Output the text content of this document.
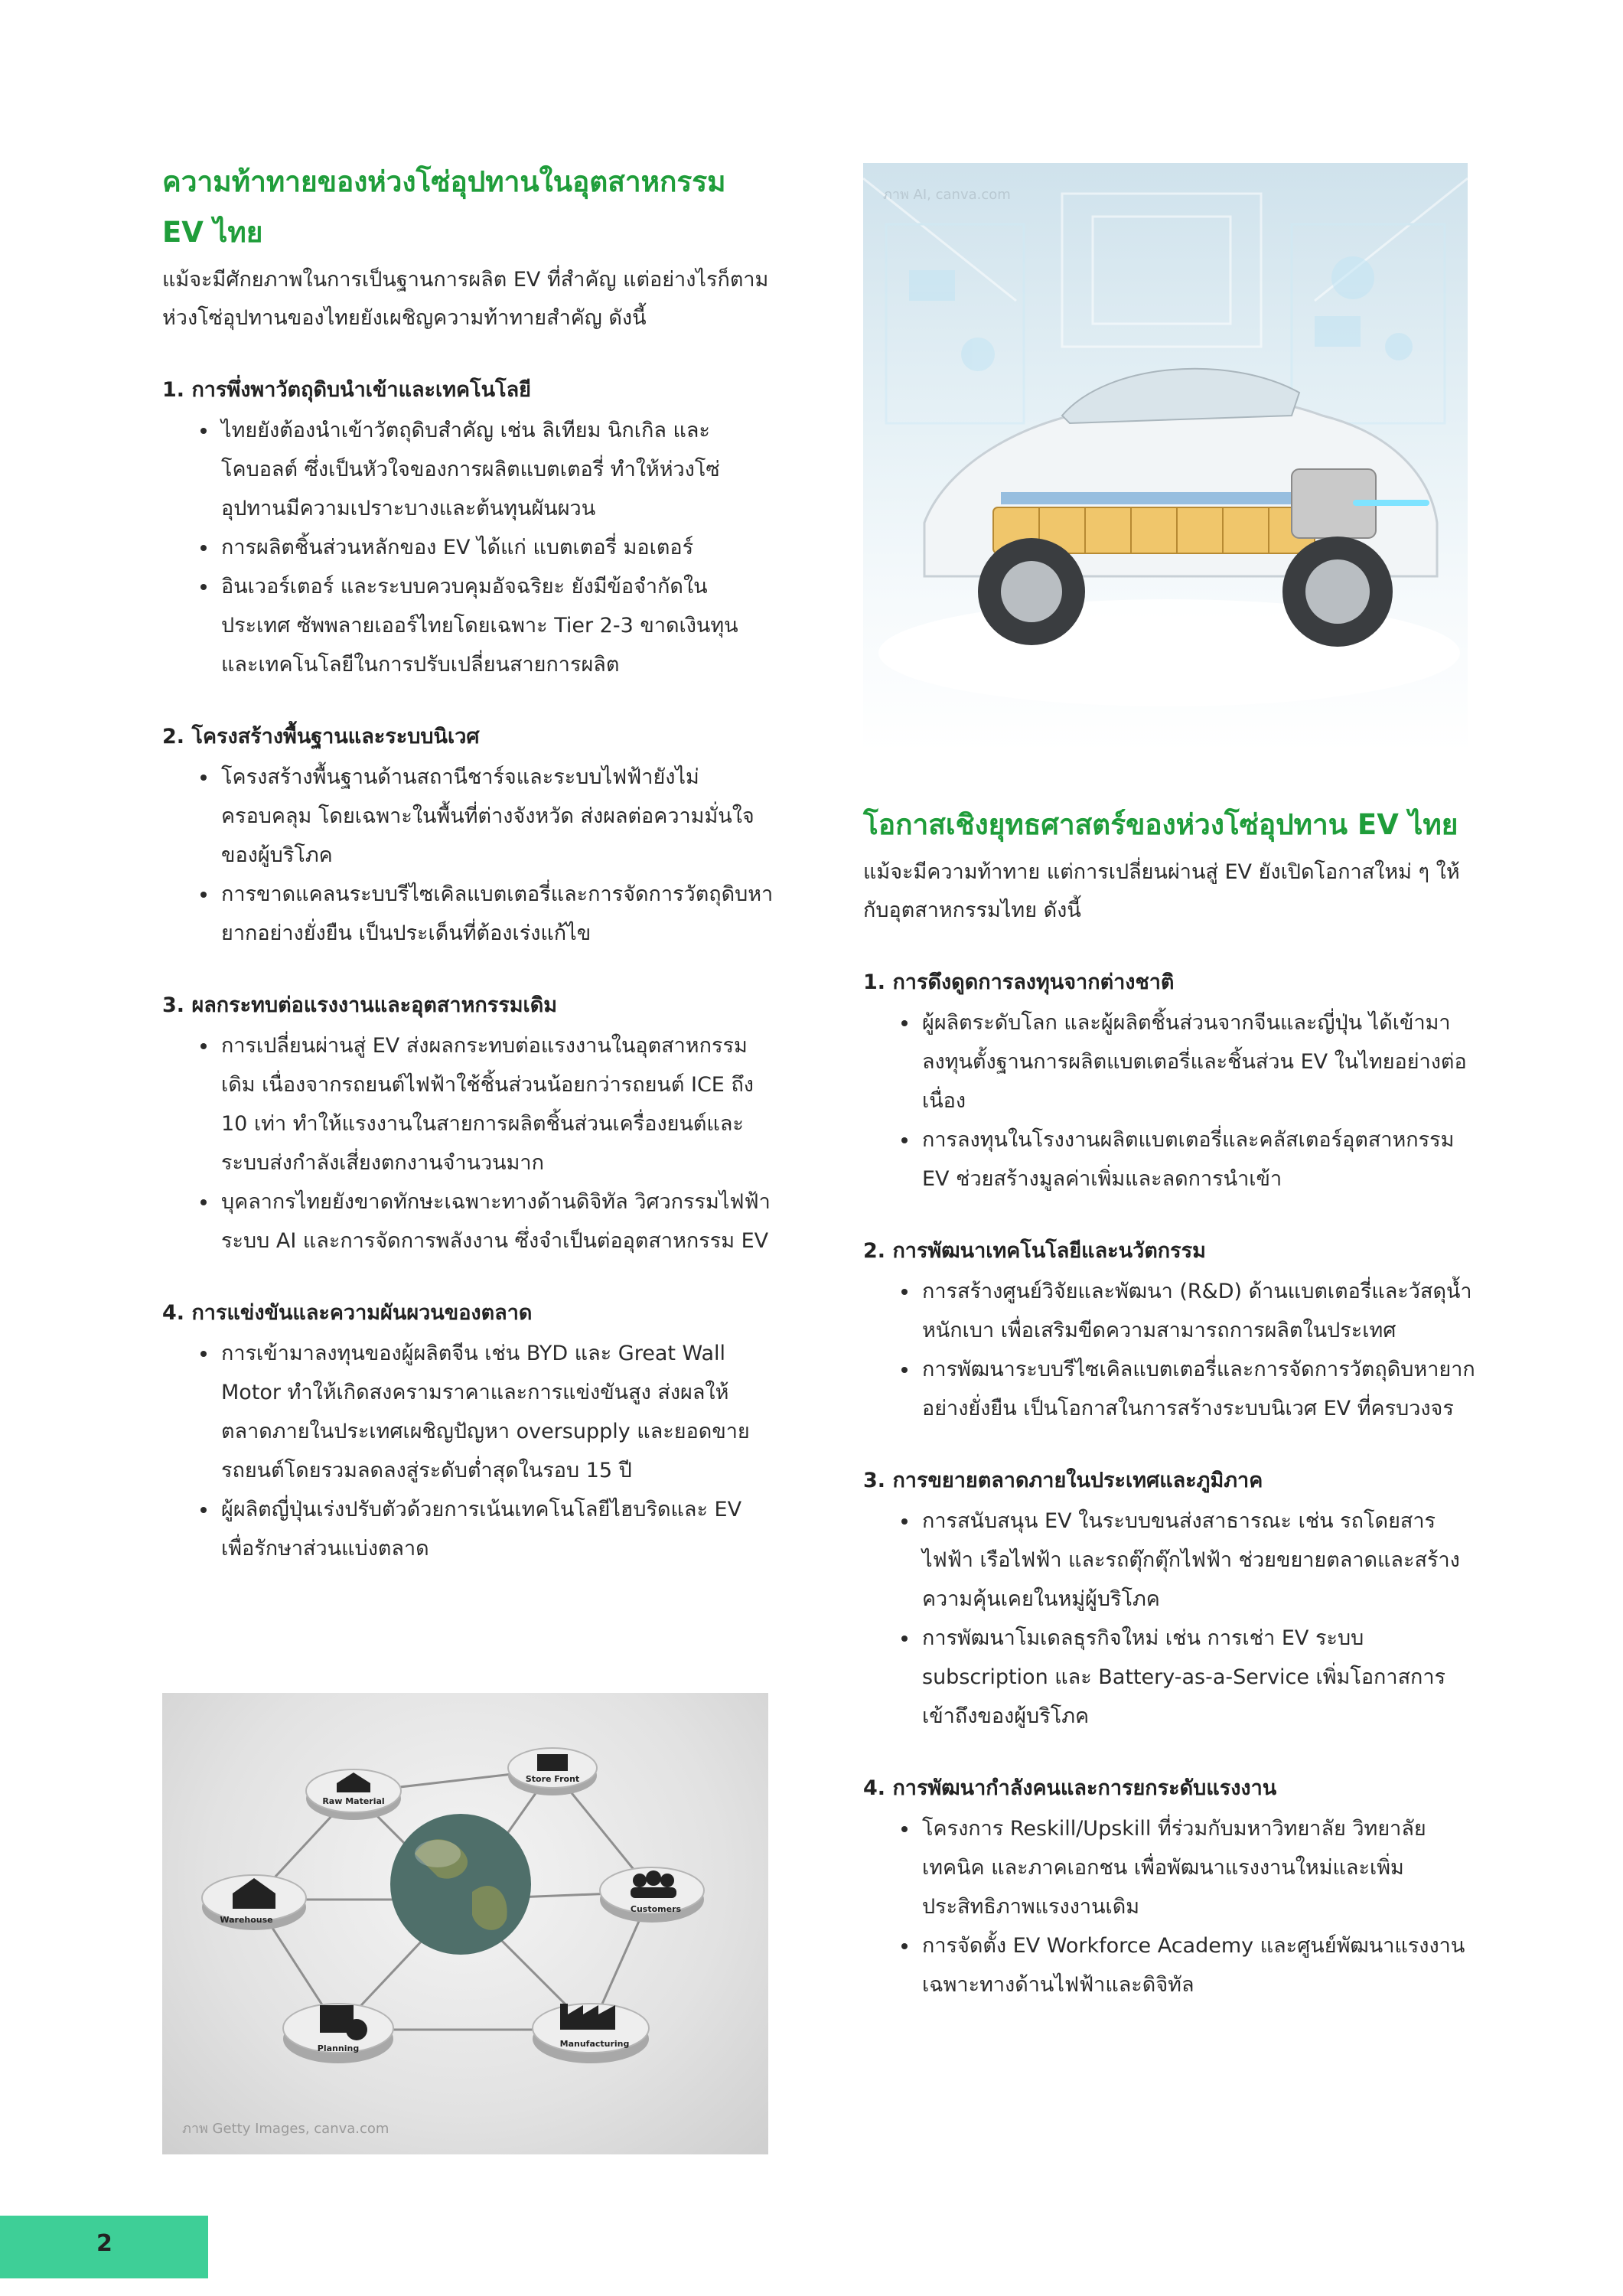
ความท้าทายของห่วงโซ่อุปทานในอุตสาหกรรม EV ไทย

แม้จะมีศักยภาพในการเป็นฐานการผลิต EV ที่สำคัญ แต่อย่างไรก็ตามห่วงโซ่อุปทานของไทยยังเผชิญความท้าทายสำคัญ ดังนี้

1. การพึ่งพาวัตถุดิบนำเข้าและเทคโนโลยี
• ไทยยังต้องนำเข้าวัตถุดิบสำคัญ เช่น ลิเทียม นิกเกิล และโคบอลต์ ซึ่งเป็นหัวใจของการผลิตแบตเตอรี่ ทำให้ห่วงโซ่อุปทานมีความเปราะบางและต้นทุนผันผวน
• การผลิตชิ้นส่วนหลักของ EV ได้แก่ แบตเตอรี่ มอเตอร์
• อินเวอร์เตอร์ และระบบควบคุมอัจฉริยะ ยังมีข้อจำกัดในประเทศ ซัพพลายเออร์ไทยโดยเฉพาะ Tier 2-3 ขาดเงินทุนและเทคโนโลยีในการปรับเปลี่ยนสายการผลิต
2. โครงสร้างพื้นฐานและระบบนิเวศ
• โครงสร้างพื้นฐานด้านสถานีชาร์จและระบบไฟฟ้ายังไม่ครอบคลุม โดยเฉพาะในพื้นที่ต่างจังหวัด ส่งผลต่อความมั่นใจของผู้บริโภค
• การขาดแคลนระบบรีไซเคิลแบตเตอรี่และการจัดการวัตถุดิบหายากอย่างยั่งยืน เป็นประเด็นที่ต้องเร่งแก้ไข
3. ผลกระทบต่อแรงงานและอุตสาหกรรมเดิม
• การเปลี่ยนผ่านสู่ EV ส่งผลกระทบต่อแรงงานในอุตสาหกรรมเดิม เนื่องจากรถยนต์ไฟฟ้าใช้ชิ้นส่วนน้อยกว่ารถยนต์ ICE ถึง 10 เท่า ทำให้แรงงานในสายการผลิตชิ้นส่วนเครื่องยนต์และระบบส่งกำลังเสี่ยงตกงานจำนวนมาก
• บุคลากรไทยยังขาดทักษะเฉพาะทางด้านดิจิทัล วิศวกรรมไฟฟ้า ระบบ AI และการจัดการพลังงาน ซึ่งจำเป็นต่ออุตสาหกรรม EV
4. การแข่งขันและความผันผวนของตลาด
• การเข้ามาลงทุนของผู้ผลิตจีน เช่น BYD และ Great Wall Motor ทำให้เกิดสงครามราคาและการแข่งขันสูง ส่งผลให้ตลาดภายในประเทศเผชิญปัญหา oversupply และยอดขายรถยนต์โดยรวมลดลงสู่ระดับต่ำสุดในรอบ 15 ปี
• ผู้ผลิตญี่ปุ่นเร่งปรับตัวด้วยการเน้นเทคโนโลยีไฮบริดและ EV เพื่อรักษาส่วนแบ่งตลาด
ภาพ AI, canva.com
โอกาสเชิงยุทธศาสตร์ของห่วงโซ่อุปทาน EV ไทย

แม้จะมีความท้าทาย แต่การเปลี่ยนผ่านสู่ EV ยังเปิดโอกาสใหม่ ๆ ให้กับอุตสาหกรรมไทย ดังนี้

1. การดึงดูดการลงทุนจากต่างชาติ
• ผู้ผลิตระดับโลก และผู้ผลิตชิ้นส่วนจากจีนและญี่ปุ่น ได้เข้ามาลงทุนตั้งฐานการผลิตแบตเตอรี่และชิ้นส่วน EV ในไทยอย่างต่อเนื่อง
• การลงทุนในโรงงานผลิตแบตเตอรี่และคลัสเตอร์อุตสาหกรรม EV ช่วยสร้างมูลค่าเพิ่มและลดการนำเข้า
2. การพัฒนาเทคโนโลยีและนวัตกรรม
• การสร้างศูนย์วิจัยและพัฒนา (R&D) ด้านแบตเตอรี่และวัสดุน้ำหนักเบา เพื่อเสริมขีดความสามารถการผลิตในประเทศ
• การพัฒนาระบบรีไซเคิลแบตเตอรี่และการจัดการวัตถุดิบหายากอย่างยั่งยืน เป็นโอกาสในการสร้างระบบนิเวศ EV ที่ครบวงจร
3. การขยายตลาดภายในประเทศและภูมิภาค
• การสนับสนุน EV ในระบบขนส่งสาธารณะ เช่น รถโดยสารไฟฟ้า เรือไฟฟ้า และรถตุ๊กตุ๊กไฟฟ้า ช่วยขยายตลาดและสร้างความคุ้นเคยในหมู่ผู้บริโภค
• การพัฒนาโมเดลธุรกิจใหม่ เช่น การเช่า EV ระบบ subscription และ Battery-as-a-Service เพิ่มโอกาสการเข้าถึงของผู้บริโภค
4. การพัฒนากำลังคนและการยกระดับแรงงาน
• โครงการ Reskill/Upskill ที่ร่วมกับมหาวิทยาลัย วิทยาลัยเทคนิค และภาคเอกชน เพื่อพัฒนาแรงงานใหม่และเพิ่มประสิทธิภาพแรงงานเดิม
• การจัดตั้ง EV Workforce Academy และศูนย์พัฒนาแรงงานเฉพาะทางด้านไฟฟ้าและดิจิทัล
Raw Material
Store Front
Warehouse
Customers
Planning	Manufacturing
ภาพ Getty Images, canva.com
2
